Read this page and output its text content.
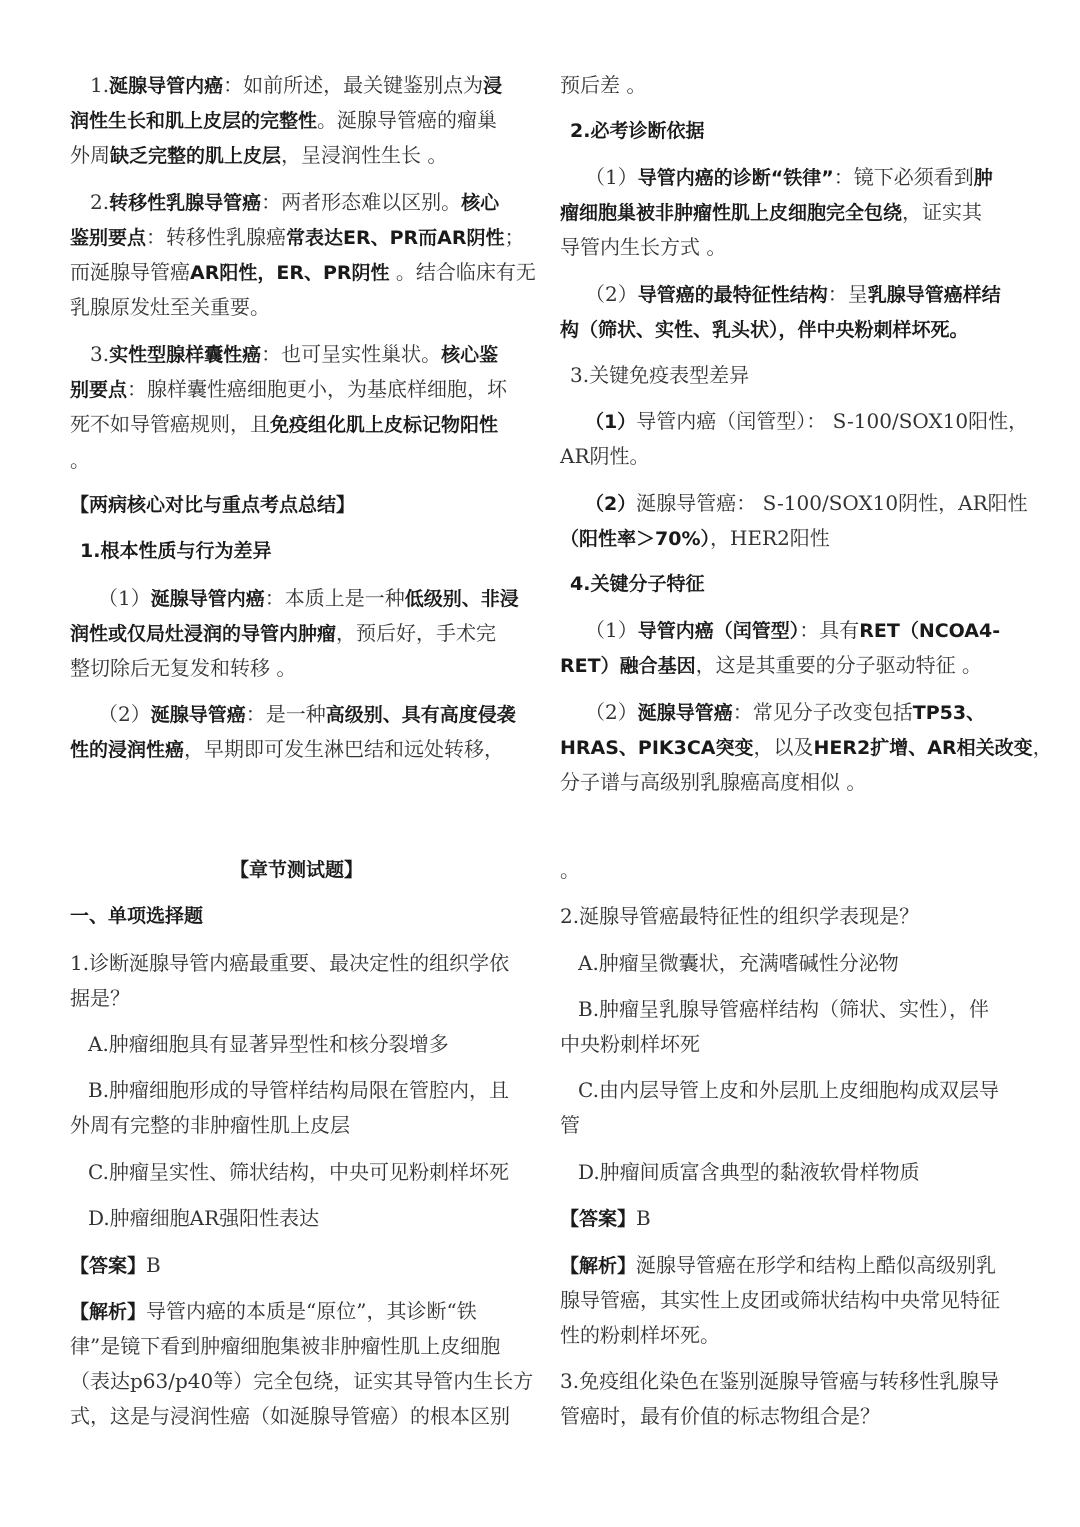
1.涎腺导管内癌：如前所述，最关键鉴别点为浸
润性生长和肌上皮层的完整性。涎腺导管癌的瘤巢
外周缺乏完整的肌上皮层，呈浸润性生长 。
2.转移性乳腺导管癌：两者形态难以区别。核心
鉴别要点：转移性乳腺癌常表达ER、PR而AR阴性；
而涎腺导管癌AR阳性，ER、PR阴性 。结合临床有无
乳腺原发灶至关重要。
3.实性型腺样囊性癌：也可呈实性巢状。核心鉴
别要点：腺样囊性癌细胞更小，为基底样细胞，坏
死不如导管癌规则，且免疫组化肌上皮标记物阳性
。
【两病核心对比与重点考点总结】
1.根本性质与行为差异
（1）涎腺导管内癌：本质上是一种低级别、非浸
润性或仅局灶浸润的导管内肿瘤，预后好，手术完
整切除后无复发和转移 。
（2）涎腺导管癌：是一种高级别、具有高度侵袭
性的浸润性癌，早期即可发生淋巴结和远处转移，
预后差 。
2.必考诊断依据
（1）导管内癌的诊断“铁律”：镜下必须看到肿
瘤细胞巢被非肿瘤性肌上皮细胞完全包绕，证实其
导管内生长方式 。
（2）导管癌的最特征性结构：呈乳腺导管癌样结
构（筛状、实性、乳头状），伴中央粉刺样坏死。
3.关键免疫表型差异
（1）导管内癌（闰管型）： S-100/SOX10阳性，
AR阴性。
（2）涎腺导管癌： S-100/SOX10阴性，AR阳性
（阳性率＞70%），HER2阳性
4.关键分子特征
（1）导管内癌（闰管型）：具有RET（NCOA4-
RET）融合基因，这是其重要的分子驱动特征 。
（2）涎腺导管癌：常见分子改变包括TP53、
HRAS、PIK3CA突变，以及HER2扩增、AR相关改变，
分子谱与高级别乳腺癌高度相似 。
【章节测试题】
一、单项选择题
1.诊断涎腺导管内癌最重要、最决定性的组织学依
据是？
A.肿瘤细胞具有显著异型性和核分裂增多
B.肿瘤细胞形成的导管样结构局限在管腔内，且
外周有完整的非肿瘤性肌上皮层
C.肿瘤呈实性、筛状结构，中央可见粉刺样坏死
D.肿瘤细胞AR强阳性表达
【答案】B
【解析】导管内癌的本质是“原位”，其诊断“铁
律”是镜下看到肿瘤细胞集被非肿瘤性肌上皮细胞
（表达p63/p40等）完全包绕，证实其导管内生长方
式，这是与浸润性癌（如涎腺导管癌）的根本区别
。
2.涎腺导管癌最特征性的组织学表现是？
A.肿瘤呈微囊状，充满嗜碱性分泌物
B.肿瘤呈乳腺导管癌样结构（筛状、实性），伴
中央粉刺样坏死
C.由内层导管上皮和外层肌上皮细胞构成双层导
管
D.肿瘤间质富含典型的黏液软骨样物质
【答案】B
【解析】涎腺导管癌在形学和结构上酷似高级别乳
腺导管癌，其实性上皮团或筛状结构中央常见特征
性的粉刺样坏死。
3.免疫组化染色在鉴别涎腺导管癌与转移性乳腺导
管癌时，最有价值的标志物组合是？
